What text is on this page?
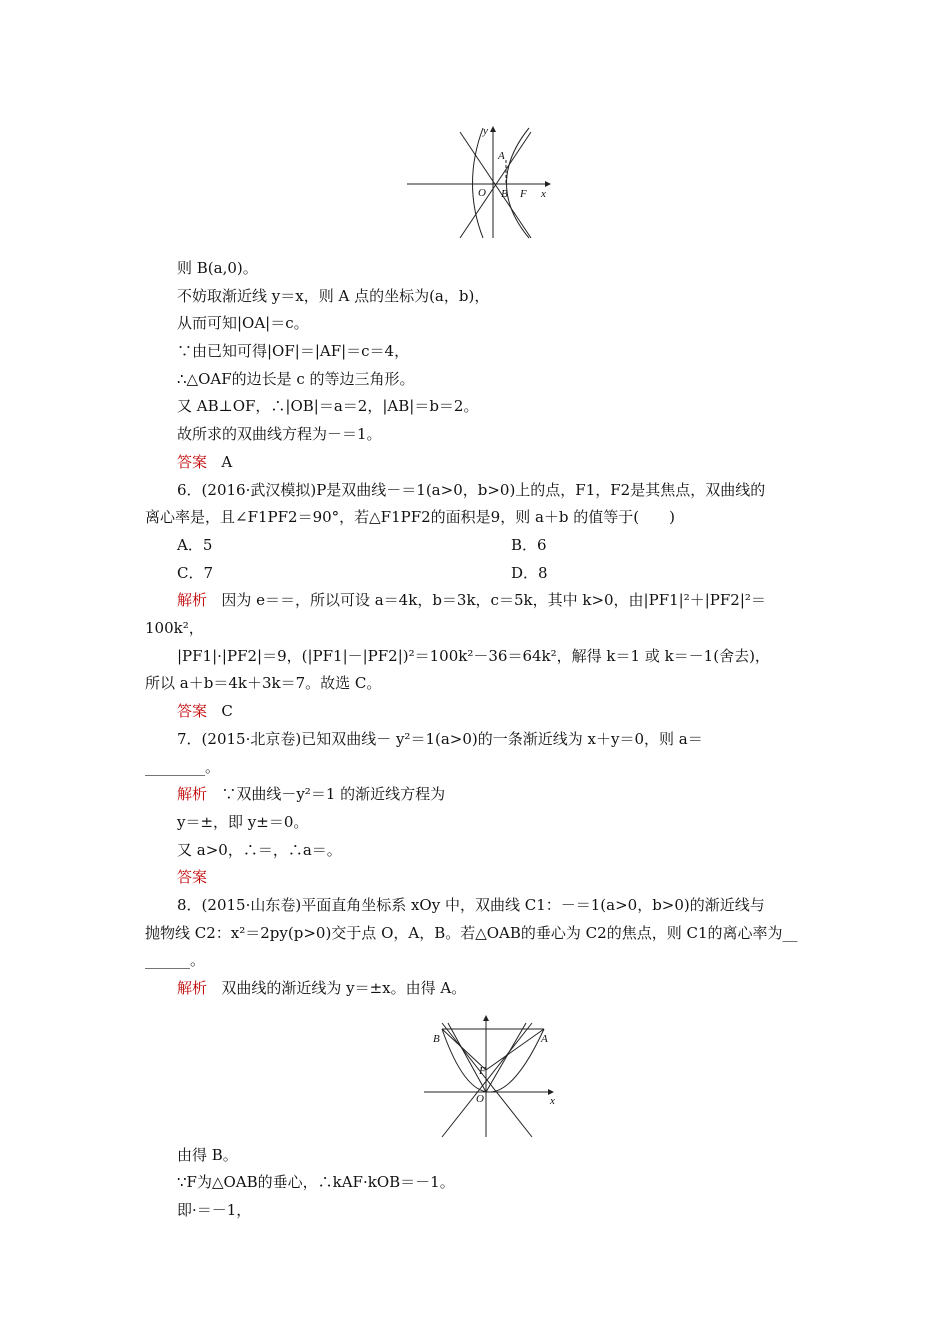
y
x
O
A
B F
则 B(a,0)。
不妨取渐近线 y＝x，则 A 点的坐标为(a，b)，
从而可知|OA|＝c。
∵由已知可得|OF|＝|AF|＝c＝4，
∴△OAF的边长是 c 的等边三角形。
又 AB⊥OF，∴|OB|＝a＝2，|AB|＝b＝2。
故所求的双曲线方程为－＝1。
答案 A
6．(2016·武汉模拟)P是双曲线－＝1(a>0，b>0)上的点，F1，F2是其焦点，双曲线的
离心率是，且∠F1PF2＝90°，若△F1PF2的面积是9，则 a＋b 的值等于(　　)
A．5	B．6
C．7	D．8
解析 因为 e＝＝，所以可设 a＝4k，b＝3k，c＝5k，其中 k>0，由|PF1|²＋|PF2|²＝
100k²，
|PF1|·|PF2|＝9，(|PF1|－|PF2|)²＝100k²－36＝64k²，解得 k＝1 或 k＝－1(舍去)，
所以 a＋b＝4k＋3k＝7。故选 C。
答案 C
7．(2015·北京卷)已知双曲线－ y²＝1(a>0)的一条渐近线为 x＋y＝0，则 a＝
________。
解析 ∵双曲线－y²＝1 的渐近线方程为
y＝±，即 y±＝0。
又 a>0，∴＝，∴a＝。
答案
8．(2015·山东卷)平面直角坐标系 xOy 中，双曲线 C1：－＝1(a>0，b>0)的渐近线与
抛物线 C2：x²＝2py(p>0)交于点 O，A，B。若△OAB的垂心为 C2的焦点，则 C1的离心率为__
______。
解析 双曲线的渐近线为 y＝±x。由得 A。
B	A
F
O	x
由得 B。
∵F为△OAB的垂心，∴kAF·kOB＝－1。
即·＝－1，
